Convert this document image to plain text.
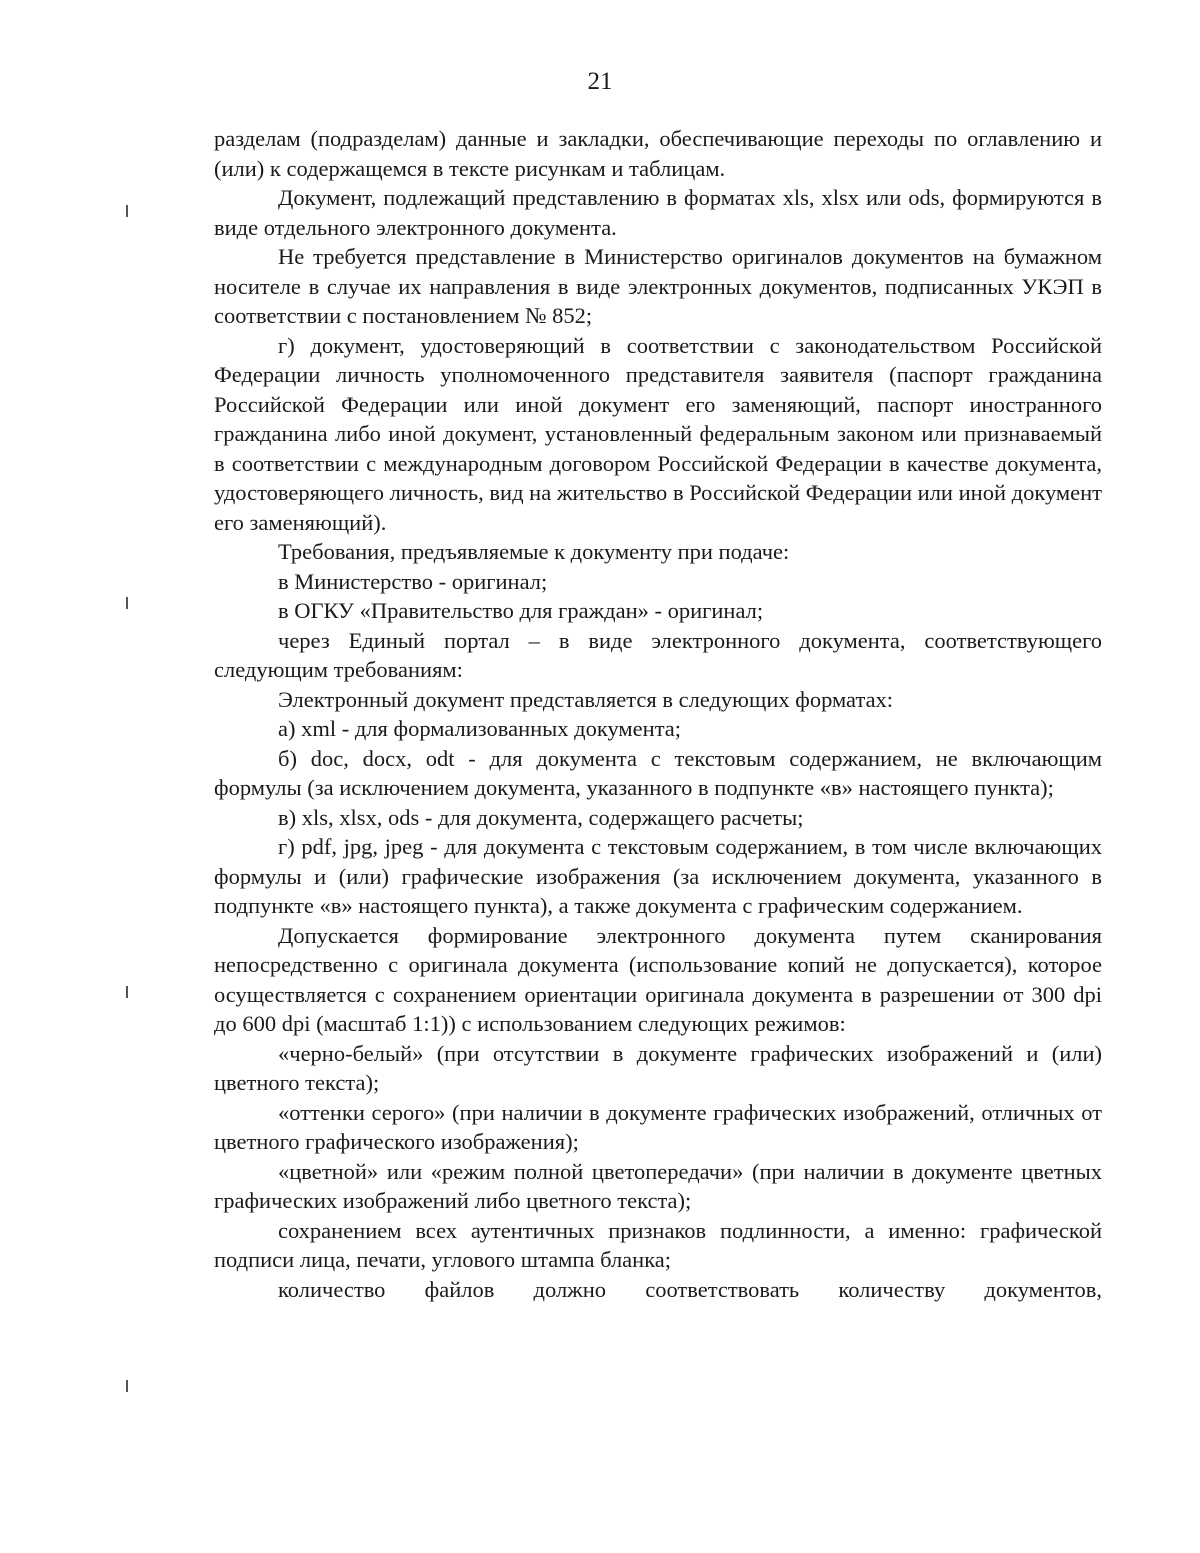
21

разделам (подразделам) данные и закладки, обеспечивающие переходы по оглавлению и (или) к содержащемся в тексте рисункам и таблицам.

Документ, подлежащий представлению в форматах xls, xlsx или ods, формируются в виде отдельного электронного документа.

Не требуется представление в Министерство оригиналов документов на бумажном носителе в случае их направления в виде электронных документов, подписанных УКЭП в соответствии с постановлением № 852;

г) документ, удостоверяющий в соответствии с законодательством Российской Федерации личность уполномоченного представителя заявителя (паспорт гражданина Российской Федерации или иной документ его заменяющий, паспорт иностранного гражданина либо иной документ, установленный федеральным законом или признаваемый в соответствии с международным договором Российской Федерации в качестве документа, удостоверяющего личность, вид на жительство в Российской Федерации или иной документ его заменяющий).

Требования, предъявляемые к документу при подаче:

в Министерство - оригинал;

в ОГКУ «Правительство для граждан» - оригинал;

через Единый портал – в виде электронного документа, соответствующего следующим требованиям:

Электронный документ представляется в следующих форматах:

а) xml - для формализованных документа;

б) doc, docx, odt - для документа с текстовым содержанием, не включающим формулы (за исключением документа, указанного в подпункте «в» настоящего пункта);

в) xls, xlsx, ods - для документа, содержащего расчеты;

г) pdf, jpg, jpeg - для документа с текстовым содержанием, в том числе включающих формулы и (или) графические изображения (за исключением документа, указанного в подпункте «в» настоящего пункта), а также документа с графическим содержанием.

Допускается формирование электронного документа путем сканирования непосредственно с оригинала документа (использование копий не допускается), которое осуществляется с сохранением ориентации оригинала документа в разрешении от 300 dpi до 600 dpi (масштаб 1:1)) с использованием следующих режимов:

«черно-белый» (при отсутствии в документе графических изображений и (или) цветного текста);

«оттенки серого» (при наличии в документе графических изображений, отличных от цветного графического изображения);

«цветной» или «режим полной цветопередачи» (при наличии в документе цветных графических изображений либо цветного текста);

сохранением всех аутентичных признаков подлинности, а именно: графической подписи лица, печати, углового штампа бланка;

количество файлов должно соответствовать количеству документов,
